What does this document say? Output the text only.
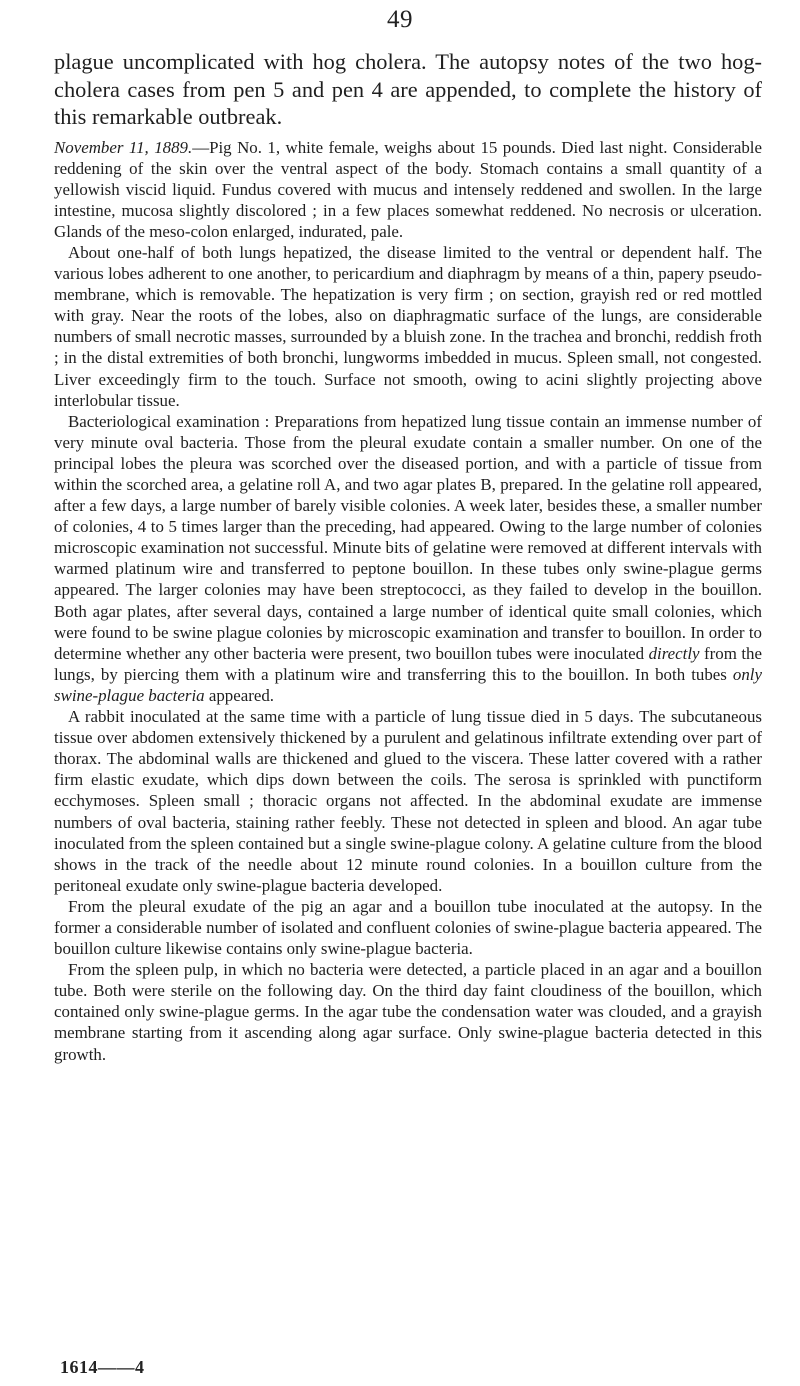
49

plague uncomplicated with hog cholera. The autopsy notes of the two hog-cholera cases from pen 5 and pen 4 are appended, to complete the history of this remarkable outbreak.

November 11, 1889.—Pig No. 1, white female, weighs about 15 pounds. Died last night. Considerable reddening of the skin over the ventral aspect of the body. Stomach contains a small quantity of a yellowish viscid liquid. Fundus covered with mucus and intensely reddened and swollen. In the large intestine, mucosa slightly discolored ; in a few places somewhat reddened. No necrosis or ulceration. Glands of the meso-colon enlarged, indurated, pale.

About one-half of both lungs hepatized, the disease limited to the ventral or dependent half. The various lobes adherent to one another, to pericardium and diaphragm by means of a thin, papery pseudo-membrane, which is removable. The hepatization is very firm ; on section, grayish red or red mottled with gray. Near the roots of the lobes, also on diaphragmatic surface of the lungs, are considerable numbers of small necrotic masses, surrounded by a bluish zone. In the trachea and bronchi, reddish froth ; in the distal extremities of both bronchi, lungworms imbedded in mucus. Spleen small, not congested. Liver exceedingly firm to the touch. Surface not smooth, owing to acini slightly projecting above interlobular tissue.

Bacteriological examination : Preparations from hepatized lung tissue contain an immense number of very minute oval bacteria. Those from the pleural exudate contain a smaller number. On one of the principal lobes the pleura was scorched over the diseased portion, and with a particle of tissue from within the scorched area, a gelatine roll A, and two agar plates B, prepared. In the gelatine roll appeared, after a few days, a large number of barely visible colonies. A week later, besides these, a smaller number of colonies, 4 to 5 times larger than the preceding, had appeared. Owing to the large number of colonies microscopic examination not successful. Minute bits of gelatine were removed at different intervals with warmed platinum wire and transferred to peptone bouillon. In these tubes only swine-plague germs appeared. The larger colonies may have been streptococci, as they failed to develop in the bouillon. Both agar plates, after several days, contained a large number of identical quite small colonies, which were found to be swine plague colonies by microscopic examination and transfer to bouillon. In order to determine whether any other bacteria were present, two bouillon tubes were inoculated directly from the lungs, by piercing them with a platinum wire and transferring this to the bouillon. In both tubes only swine-plague bacteria appeared.

A rabbit inoculated at the same time with a particle of lung tissue died in 5 days. The subcutaneous tissue over abdomen extensively thickened by a purulent and gelatinous infiltrate extending over part of thorax. The abdominal walls are thickened and glued to the viscera. These latter covered with a rather firm elastic exudate, which dips down between the coils. The serosa is sprinkled with punctiform ecchymoses. Spleen small ; thoracic organs not affected. In the abdominal exudate are immense numbers of oval bacteria, staining rather feebly. These not detected in spleen and blood. An agar tube inoculated from the spleen contained but a single swine-plague colony. A gelatine culture from the blood shows in the track of the needle about 12 minute round colonies. In a bouillon culture from the peritoneal exudate only swine-plague bacteria developed.

From the pleural exudate of the pig an agar and a bouillon tube inoculated at the autopsy. In the former a considerable number of isolated and confluent colonies of swine-plague bacteria appeared. The bouillon culture likewise contains only swine-plague bacteria.

From the spleen pulp, in which no bacteria were detected, a particle placed in an agar and a bouillon tube. Both were sterile on the following day. On the third day faint cloudiness of the bouillon, which contained only swine-plague germs. In the agar tube the condensation water was clouded, and a grayish membrane starting from it ascending along agar surface. Only swine-plague bacteria detected in this growth.

1614——4
